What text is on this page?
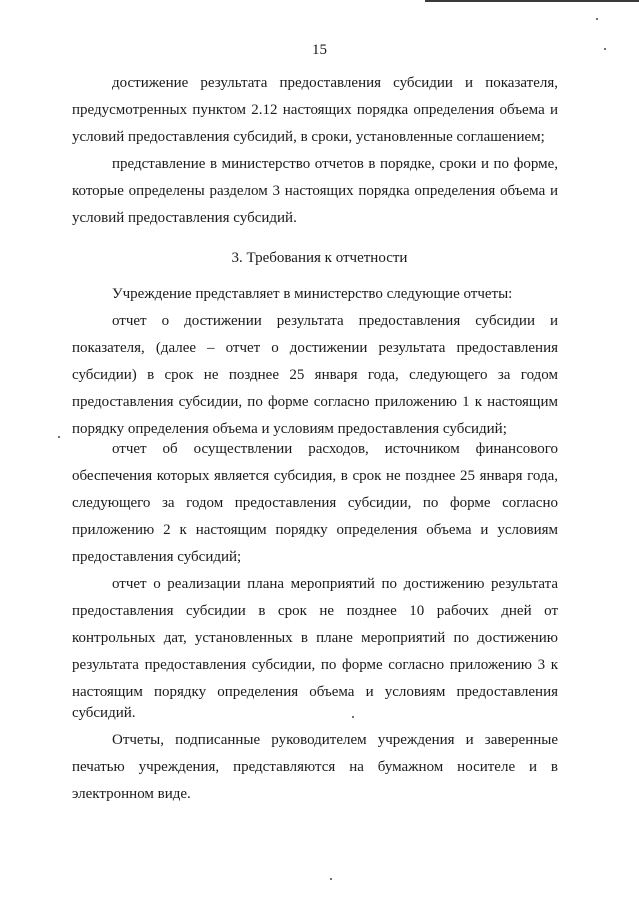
15
достижение результата предоставления субсидии и показателя,
предусмотренных пунктом 2.12 настоящих порядка определения объема и
условий предоставления субсидий, в сроки, установленные соглашением;
представление в министерство отчетов в порядке, сроки и по форме,
которые определены разделом 3 настоящих порядка определения объема и
условий предоставления субсидий.
3. Требования к отчетности
Учреждение представляет в министерство следующие отчеты:
отчет о достижении результата предоставления субсидии и
показателя, (далее – отчет о достижении результата предоставления
субсидии) в срок не позднее 25 января года, следующего за годом
предоставления субсидии, по форме согласно приложению 1 к настоящим
порядку определения объема и условиям предоставления субсидий;
отчет об осуществлении расходов, источником финансового
обеспечения которых является субсидия, в срок не позднее 25 января года,
следующего за годом предоставления субсидии, по форме согласно
приложению 2 к настоящим порядку определения объема и условиям
предоставления субсидий;
отчет о реализации плана мероприятий по достижению результата
предоставления субсидии в срок не позднее 10 рабочих дней от
контрольных дат, установленных в плане мероприятий по достижению
результата предоставления субсидии, по форме согласно приложению 3 к
настоящим порядку определения объема и условиям предоставления
субсидий.
Отчеты, подписанные руководителем учреждения и заверенные
печатью учреждения, представляются на бумажном носителе и в
электронном виде.
